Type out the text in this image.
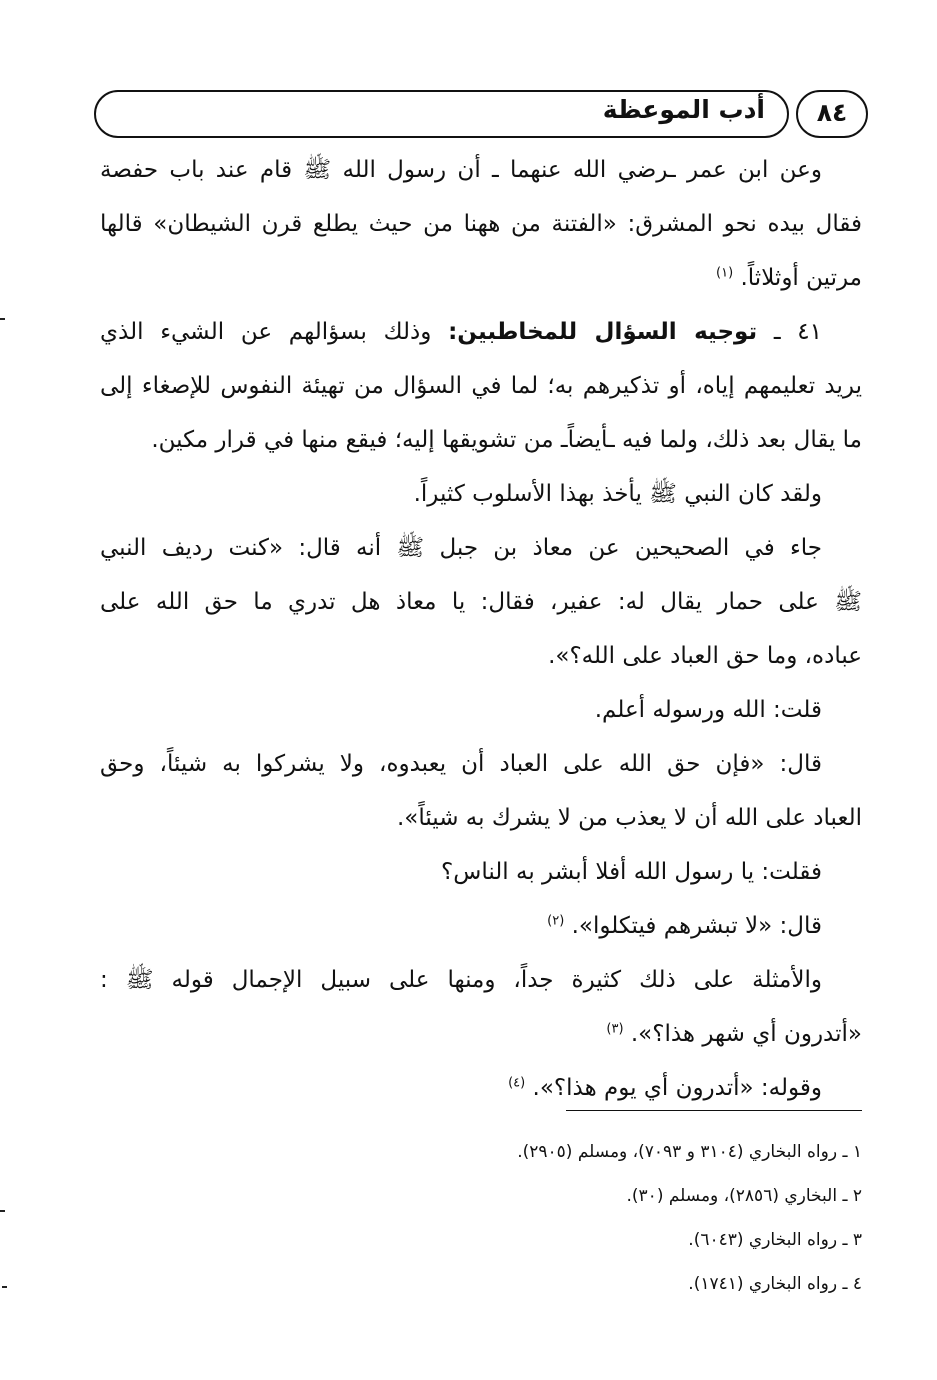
أدب الموعظة	٨٤
وعن ابن عمر ـرضي الله عنهما ـ أن رسول الله ﷺ قام عند باب حفصة
فقال بيده نحو المشرق: «الفتنة من ههنا من حيث يطلع قرن الشيطان» قالها
مرتين أوثلاثاً. $^{(١)}$
٤١ ـ توجيه السؤال للمخاطبين: وذلك بسؤالهم عن الشيء الذي
يريد تعليمهم إياه، أو تذكيرهم به؛ لما في السؤال من تهيئة النفوس للإصغاء إلى
ما يقال بعد ذلك، ولما فيه ـأيضاًـ من تشويقها إليه؛ فيقع منها في قرار مكين.
ولقد كان النبي ﷺ يأخذ بهذا الأسلوب كثيراً.
جاء في الصحيحين عن معاذ بن جبل ﷺ أنه قال: «كنت رديف النبي
ﷺ على حمار يقال له: عفير، فقال: يا معاذ هل تدري ما حق الله على
عباده، وما حق العباد على الله؟».
قلت: الله ورسوله أعلم.
قال: «فإن حق الله على العباد أن يعبدوه، ولا يشركوا به شيئاً، وحق
العباد على الله أن لا يعذب من لا يشرك به شيئاً».
فقلت: يا رسول الله أفلا أبشر به الناس؟
قال: «لا تبشرهم فيتكلوا». $^{(٢)}$
والأمثلة على ذلك كثيرة جداً، ومنها على سبيل الإجمال قوله ﷺ :
«أتدرون أي شهر هذا؟». $^{(٣)}$
وقوله: «أتدرون أي يوم هذا؟». $^{(٤)}$
١ ـ رواه البخاري (٣١٠٤ و ٧٠٩٣)، ومسلم (٢٩٠٥).
٢ ـ البخاري (٢٨٥٦)، ومسلم (٣٠).
٣ ـ رواه البخاري (٦٠٤٣).
٤ ـ رواه البخاري (١٧٤١).
